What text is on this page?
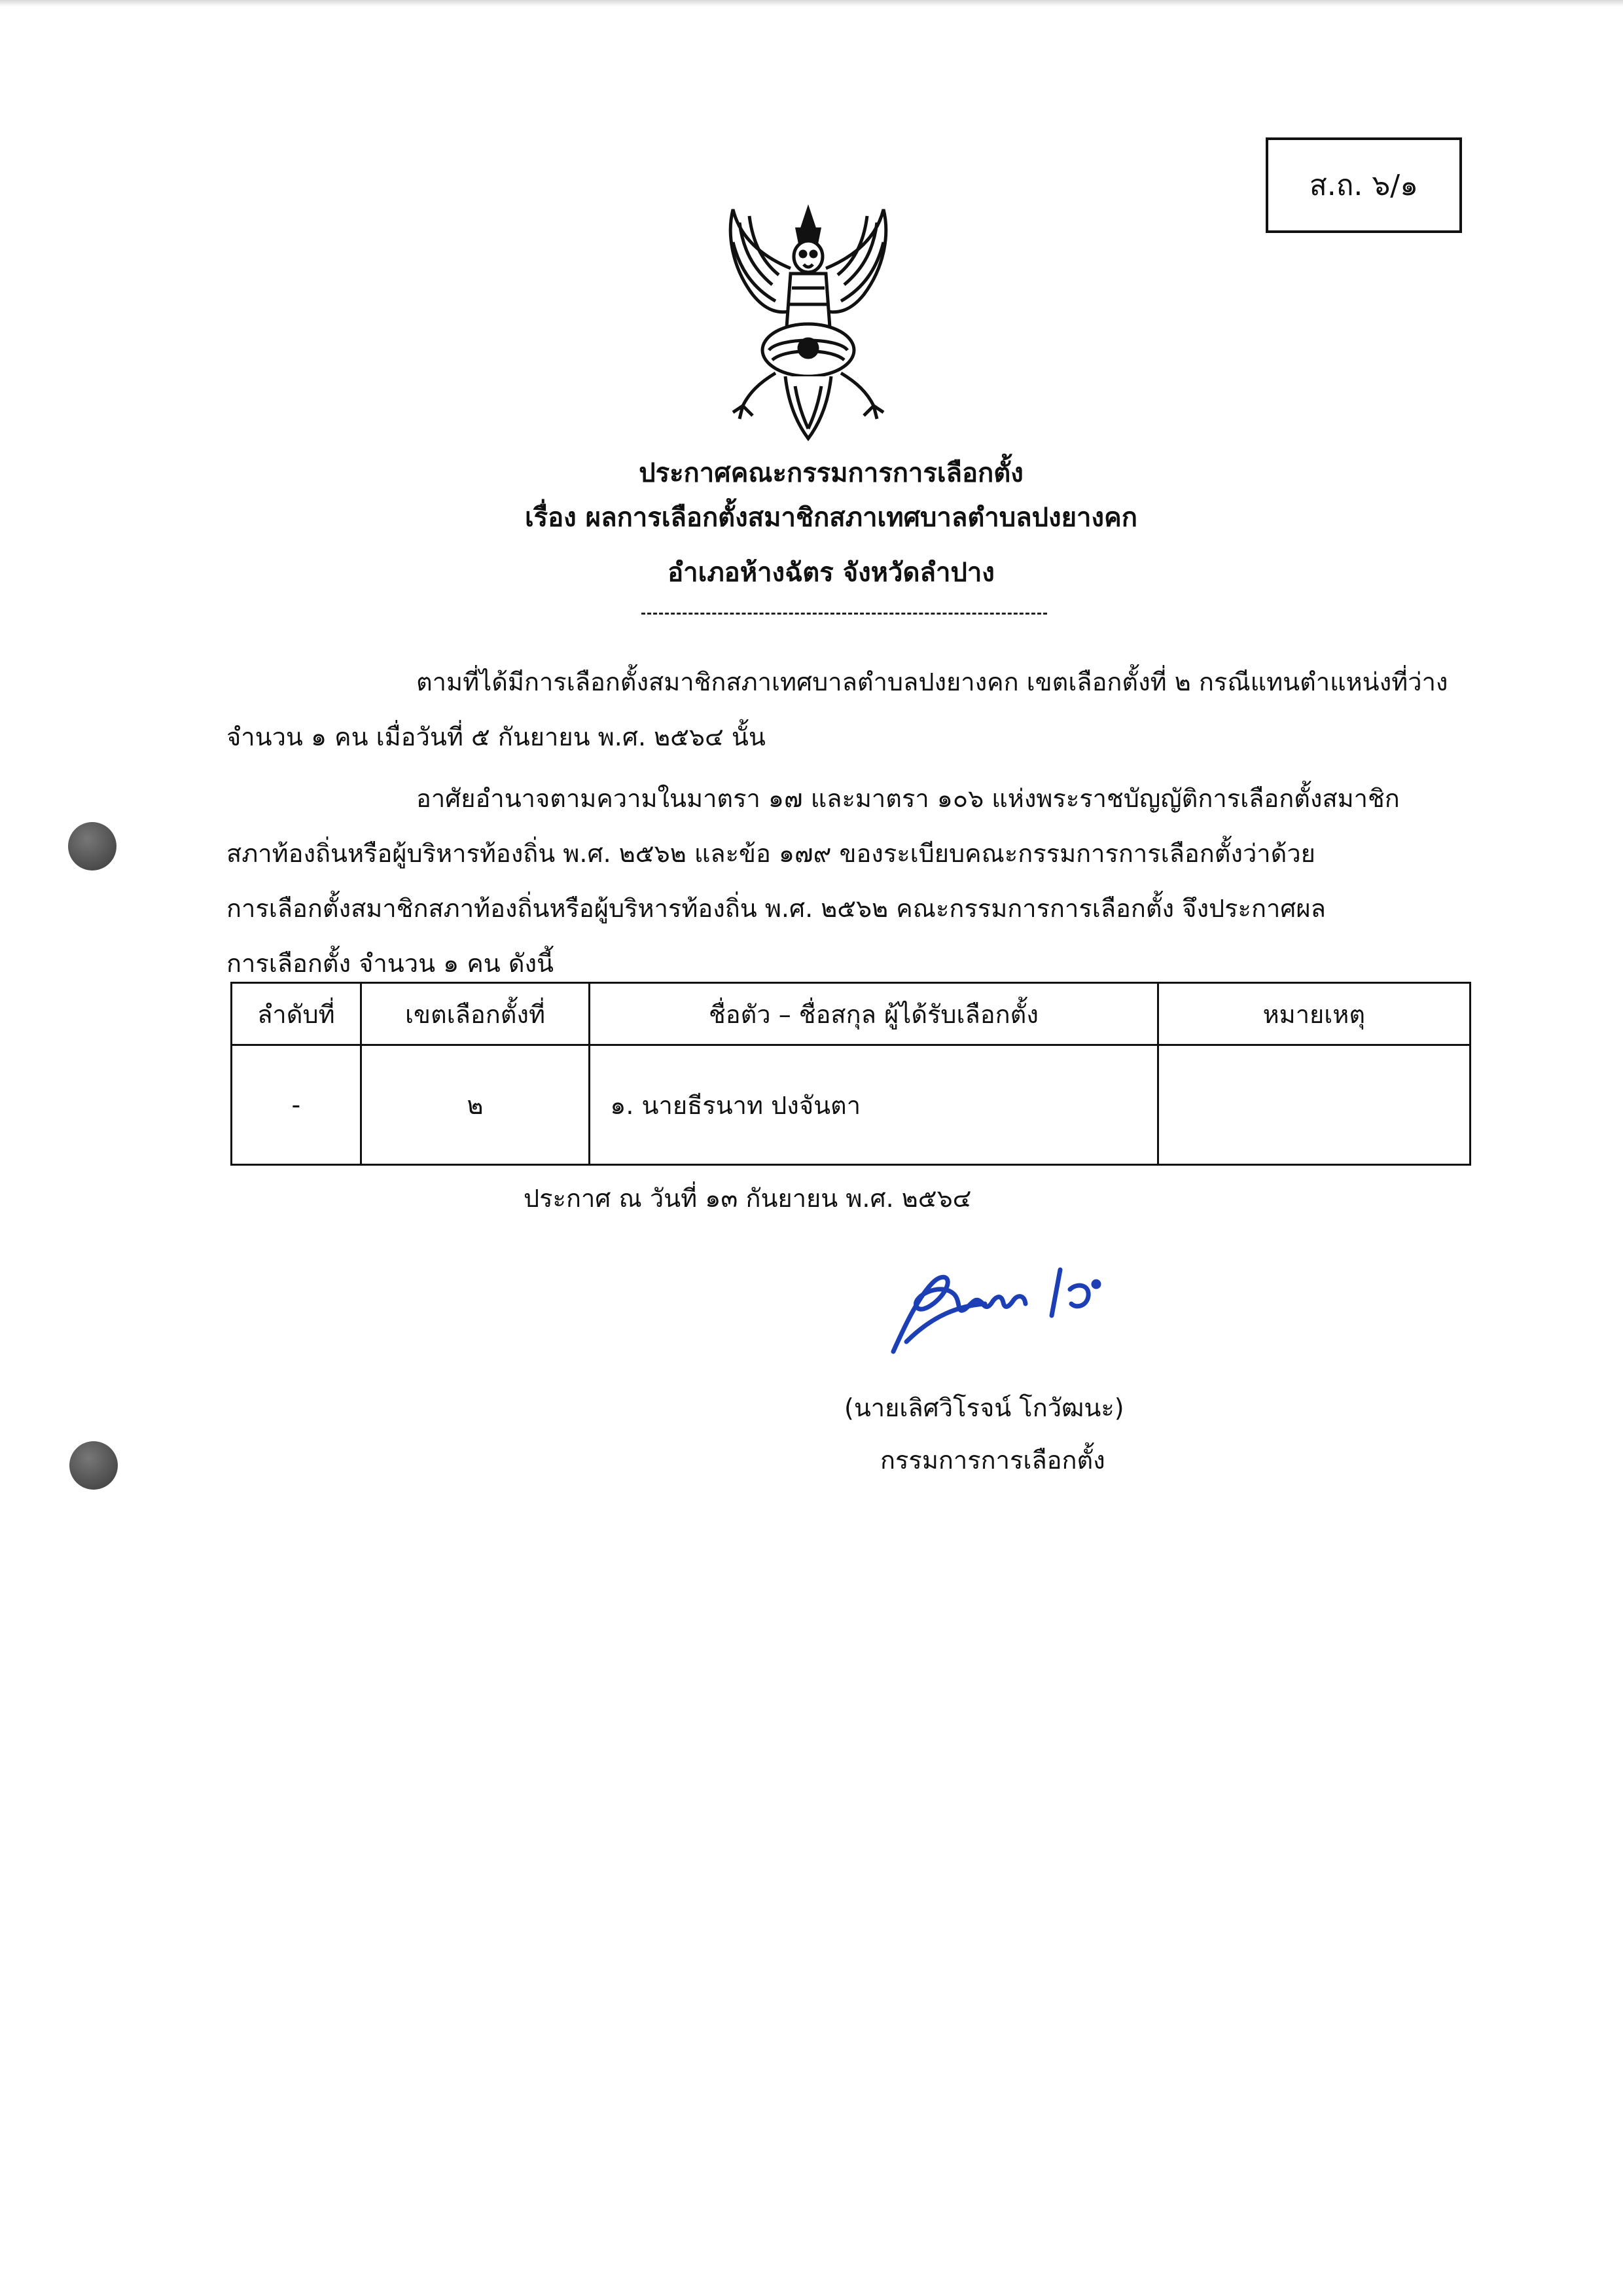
ส.ถ. ๖/๑
ประกาศคณะกรรมการการเลือกตั้ง
เรื่อง ผลการเลือกตั้งสมาชิกสภาเทศบาลตำบลปงยางคก
อำเภอห้างฉัตร จังหวัดลำปาง

ตามที่ได้มีการเลือกตั้งสมาชิกสภาเทศบาลตำบลปงยางคก เขตเลือกตั้งที่ ๒ กรณีแทนตำแหน่งที่ว่าง

จำนวน ๑ คน เมื่อวันที่ ๕ กันยายน พ.ศ. ๒๕๖๔ นั้น

อาศัยอำนาจตามความในมาตรา ๑๗ และมาตรา ๑๐๖ แห่งพระราชบัญญัติการเลือกตั้งสมาชิก

สภาท้องถิ่นหรือผู้บริหารท้องถิ่น พ.ศ. ๒๕๖๒ และข้อ ๑๗๙ ของระเบียบคณะกรรมการการเลือกตั้งว่าด้วย

การเลือกตั้งสมาชิกสภาท้องถิ่นหรือผู้บริหารท้องถิ่น พ.ศ. ๒๕๖๒ คณะกรรมการการเลือกตั้ง จึงประกาศผล

การเลือกตั้ง จำนวน ๑ คน ดังนี้

ลำดับที่	เขตเลือกตั้งที่	ชื่อตัว – ชื่อสกุล ผู้ได้รับเลือกตั้ง	หมายเหตุ
-	๒	๑. นายธีรนาท ปงจันตา	
ประกาศ ณ วันที่ ๑๓ กันยายน พ.ศ. ๒๕๖๔
(นายเลิศวิโรจน์ โกวัฒนะ)
กรรมการการเลือกตั้ง
